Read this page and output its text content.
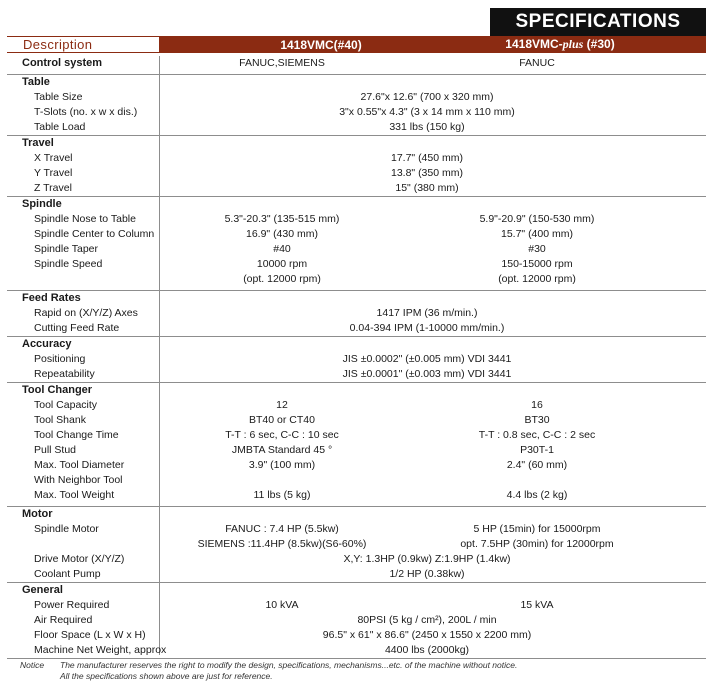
SPECIFICATIONS
Description	1418VMC(#40)	1418VMC-plus (#30)
Control system	FANUC,SIEMENS	FANUC
Table
Table Size	27.6"x 12.6" (700 x 320 mm)
T-Slots (no. x w x dis.)	3"x 0.55"x 4.3" (3 x 14 mm x 110 mm)
Table Load	331 lbs (150 kg)
Travel
X Travel	17.7" (450 mm)
Y Travel	13.8" (350 mm)
Z Travel	15" (380 mm)
Spindle
Spindle Nose to Table	5.3"-20.3" (135-515 mm)	5.9"-20.9" (150-530 mm)
Spindle Center to Column	16.9" (430 mm)	15.7" (400 mm)
Spindle Taper	#40	#30
Spindle Speed	10000 rpm	150-15000 rpm
(opt. 12000 rpm)	(opt. 12000 rpm)
Feed Rates
Rapid on (X/Y/Z) Axes	1417 IPM (36 m/min.)
Cutting Feed Rate	0.04-394 IPM (1-10000 mm/min.)
Accuracy
Positioning	JIS ±0.0002" (±0.005 mm) VDI 3441
Repeatability	JIS ±0.0001" (±0.003 mm) VDI 3441
Tool Changer
Tool Capacity	12	16
Tool Shank	BT40 or CT40	BT30
Tool Change Time	T-T : 6 sec, C-C : 10 sec	T-T : 0.8 sec, C-C : 2 sec
Pull Stud	JMBTA Standard 45 °	P30T-1
Max. Tool Diameter	3.9" (100 mm)	2.4" (60 mm)
With Neighbor Tool
Max. Tool Weight	11 lbs (5 kg)	4.4 lbs (2 kg)
Motor
Spindle Motor	FANUC : 7.4 HP (5.5kw)	5 HP (15min) for 15000rpm
SIEMENS :11.4HP (8.5kw)(S6-60%)	opt. 7.5HP (30min) for 12000rpm
Drive Motor (X/Y/Z)	X,Y: 1.3HP (0.9kw) Z:1.9HP (1.4kw)
Coolant Pump	1/2 HP (0.38kw)
General
Power Required	10 kVA	15 kVA
Air Required	80PSI (5 kg / cm²), 200L / min
Floor Space (L x W x H)	96.5" x 61" x 86.6" (2450 x 1550 x 2200 mm)
Machine Net Weight, approx	4400 lbs (2000kg)
Notice The manufacturer reserves the right to modify the design, specifications, mechanisms...etc. of the machine without notice.
All the specifications shown above are just for reference.
